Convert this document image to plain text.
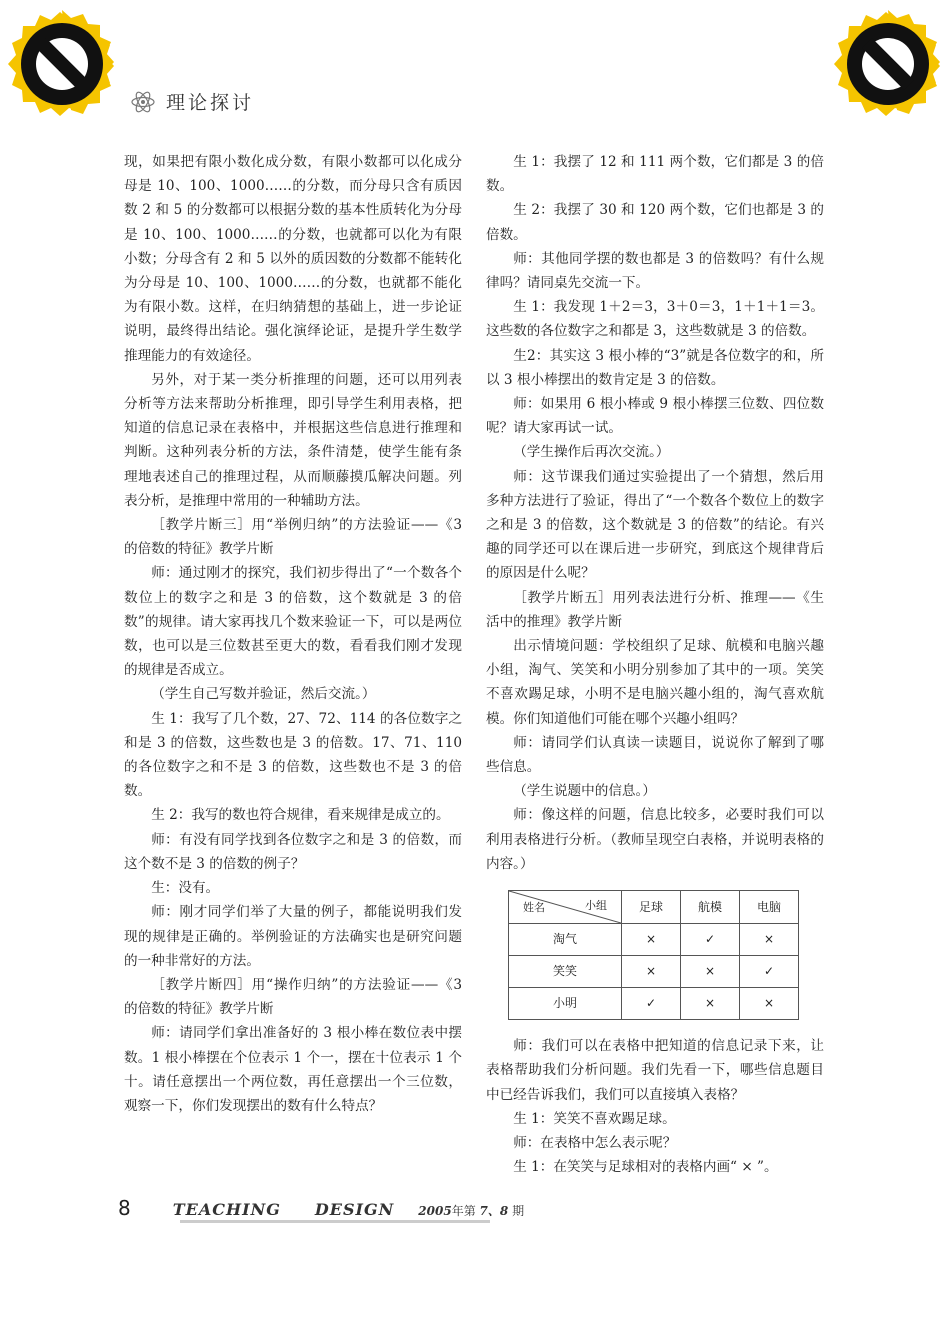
理论探讨

现，如果把有限小数化成分数，有限小数都可以化成分母是 10、100、1000……的分数，而分母只含有质因数 2 和 5 的分数都可以根据分数的基本性质转化为分母是 10、100、1000……的分数，也就都可以化为有限小数；分母含有 2 和 5 以外的质因数的分数都不能转化为分母是 10、100、1000……的分数，也就都不能化为有限小数。这样，在归纳猜想的基础上，进一步论证说明，最终得出结论。强化演绎论证，是提升学生数学推理能力的有效途径。

另外，对于某一类分析推理的问题，还可以用列表分析等方法来帮助分析推理，即引导学生利用表格，把知道的信息记录在表格中，并根据这些信息进行推理和判断。这种列表分析的方法，条件清楚，使学生能有条理地表述自己的推理过程，从而顺藤摸瓜解决问题。列表分析，是推理中常用的一种辅助方法。

［教学片断三］用“举例归纳”的方法验证——《3 的倍数的特征》教学片断

师：通过刚才的探究，我们初步得出了“一个数各个数位上的数字之和是 3 的倍数，这个数就是 3 的倍数”的规律。请大家再找几个数来验证一下，可以是两位数，也可以是三位数甚至更大的数，看看我们刚才发现的规律是否成立。

（学生自己写数并验证，然后交流。）

生 1：我写了几个数，27、72、114 的各位数字之和是 3 的倍数，这些数也是 3 的倍数。17、71、110 的各位数字之和不是 3 的倍数，这些数也不是 3 的倍数。

生 2：我写的数也符合规律，看来规律是成立的。

师：有没有同学找到各位数字之和是 3 的倍数，而这个数不是 3 的倍数的例子？

生：没有。

师：刚才同学们举了大量的例子，都能说明我们发现的规律是正确的。举例验证的方法确实也是研究问题的一种非常好的方法。

［教学片断四］用“操作归纳”的方法验证——《3 的倍数的特征》教学片断

师：请同学们拿出准备好的 3 根小棒在数位表中摆数。1 根小棒摆在个位表示 1 个一，摆在十位表示 1 个十。请任意摆出一个两位数，再任意摆出一个三位数，观察一下，你们发现摆出的数有什么特点？

生 1：我摆了 12 和 111 两个数，它们都是 3 的倍数。

生 2：我摆了 30 和 120 两个数，它们也都是 3 的倍数。

师：其他同学摆的数也都是 3 的倍数吗？有什么规律吗？请同桌先交流一下。

生 1：我发现 1＋2＝3，3＋0＝3，1＋1＋1＝3。这些数的各位数字之和都是 3，这些数就是 3 的倍数。

生2：其实这 3 根小棒的“3”就是各位数字的和，所以 3 根小棒摆出的数肯定是 3 的倍数。

师：如果用 6 根小棒或 9 根小棒摆三位数、四位数呢？请大家再试一试。

（学生操作后再次交流。）

师：这节课我们通过实验提出了一个猜想，然后用多种方法进行了验证，得出了“一个数各个数位上的数字之和是 3 的倍数，这个数就是 3 的倍数”的结论。有兴趣的同学还可以在课后进一步研究，到底这个规律背后的原因是什么呢？

［教学片断五］用列表法进行分析、推理——《生活中的推理》教学片断

出示情境问题：学校组织了足球、航模和电脑兴趣小组，淘气、笑笑和小明分别参加了其中的一项。笑笑不喜欢踢足球，小明不是电脑兴趣小组的，淘气喜欢航模。你们知道他们可能在哪个兴趣小组吗？

师：请同学们认真读一读题目，说说你了解到了哪些信息。

（学生说题中的信息。）

师：像这样的问题，信息比较多，必要时我们可以利用表格进行分析。（教师呈现空白表格，并说明表格的内容。）

小组
姓名	足球	航模	电脑
淘气	×	✓	×
笑笑	×	×	✓
小明	✓	×	×

师：我们可以在表格中把知道的信息记录下来，让表格帮助我们分析问题。我们先看一下，哪些信息题目中已经告诉我们，我们可以直接填入表格？

生 1：笑笑不喜欢踢足球。

师：在表格中怎么表示呢？

生 1：在笑笑与足球相对的表格内画“ × ”。

8	TEACHING DESIGN 2005年第 7、8 期
